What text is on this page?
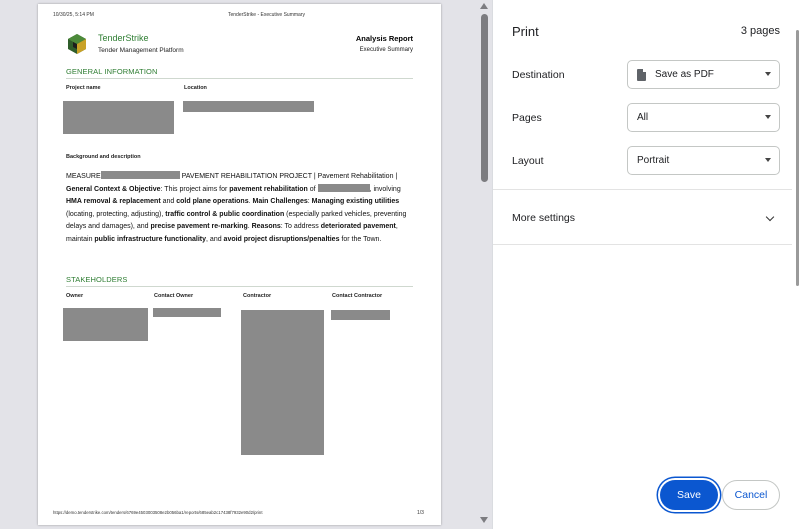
10/30/25, 5:14 PM	TenderStrike - Executive Summary
TenderStrike
Tender Management Platform
Analysis Report
Executive Summary
GENERAL INFORMATION
Project name	Location
Background and description
MEASURE	PAVEMENT REHABILITATION PROJECT | Pavement Rehabilitation | General Context & Objective: This project aims for pavement rehabilitation of	, involving HMA removal & replacement and cold plane operations. Main Challenges: Managing existing utilities (locating, protecting, adjusting), traffic control & public coordination (especially parked vehicles, preventing delays and damages), and precise pavement re-marking. Reasons: To address deteriorated pavement, maintain public infrastructure functionality, and avoid project disruptions/penalties for the Town.
STAKEHOLDERS
Owner	Contact Owner	Contractor	Contact Contractor
https://demo.tenderstrike.com/tenders/6769e4503003508e2b056ba1/reports/685eab2c17438f7932e90d2/print	1/3
Print	3 pages
Destination	Save as PDF
Pages	All
Layout	Portrait
More settings
Save	Cancel
